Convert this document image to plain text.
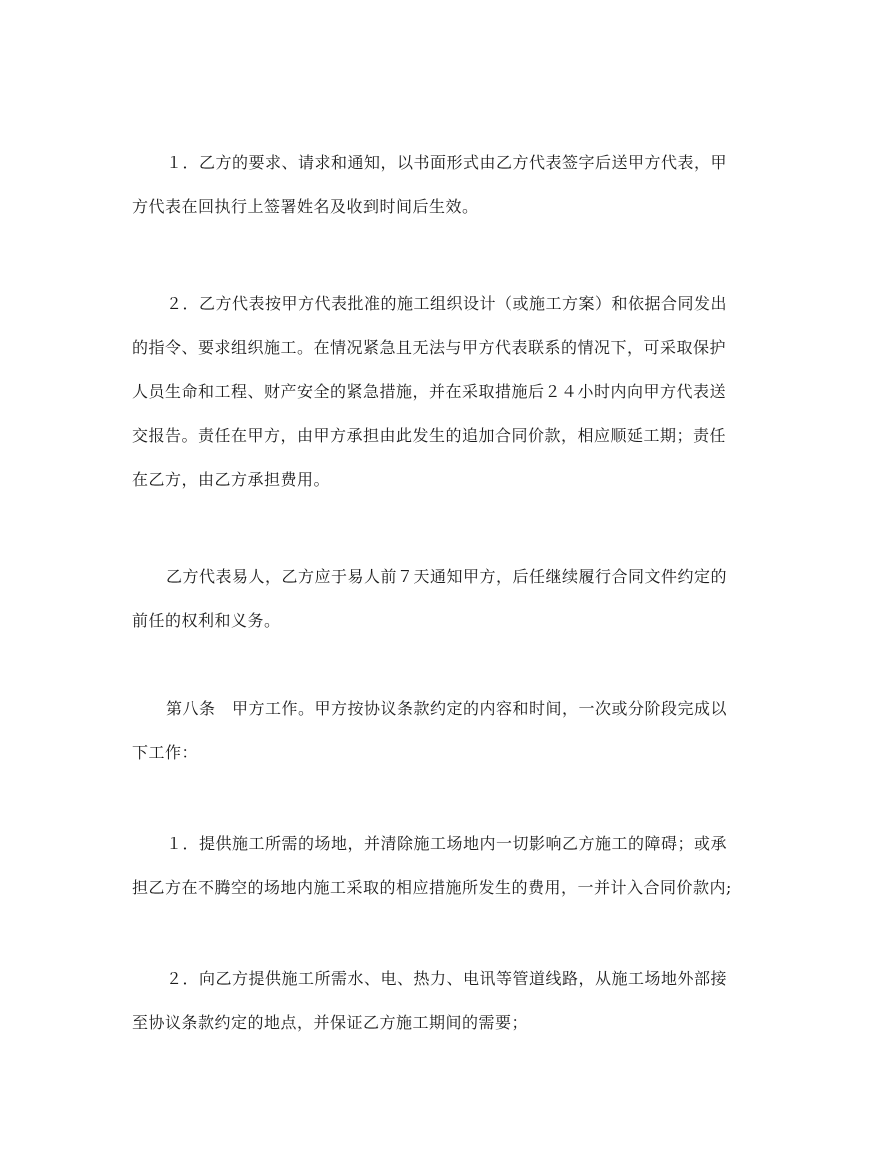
１．乙方的要求、请求和通知，以书面形式由乙方代表签字后送甲方代表，甲
方代表在回执行上签署姓名及收到时间后生效。
２．乙方代表按甲方代表批准的施工组织设计（或施工方案）和依据合同发出
的指令、要求组织施工。在情况紧急且无法与甲方代表联系的情况下，可采取保护
人员生命和工程、财产安全的紧急措施，并在采取措施后２４小时内向甲方代表送
交报告。责任在甲方，由甲方承担由此发生的追加合同价款，相应顺延工期；责任
在乙方，由乙方承担费用。
乙方代表易人，乙方应于易人前７天通知甲方，后任继续履行合同文件约定的
前任的权利和义务。
第八条　甲方工作。甲方按协议条款约定的内容和时间，一次或分阶段完成以
下工作：
１．提供施工所需的场地，并清除施工场地内一切影响乙方施工的障碍；或承
担乙方在不腾空的场地内施工采取的相应措施所发生的费用，一并计入合同价款内;
２．向乙方提供施工所需水、电、热力、电讯等管道线路，从施工场地外部接
至协议条款约定的地点，并保证乙方施工期间的需要；
